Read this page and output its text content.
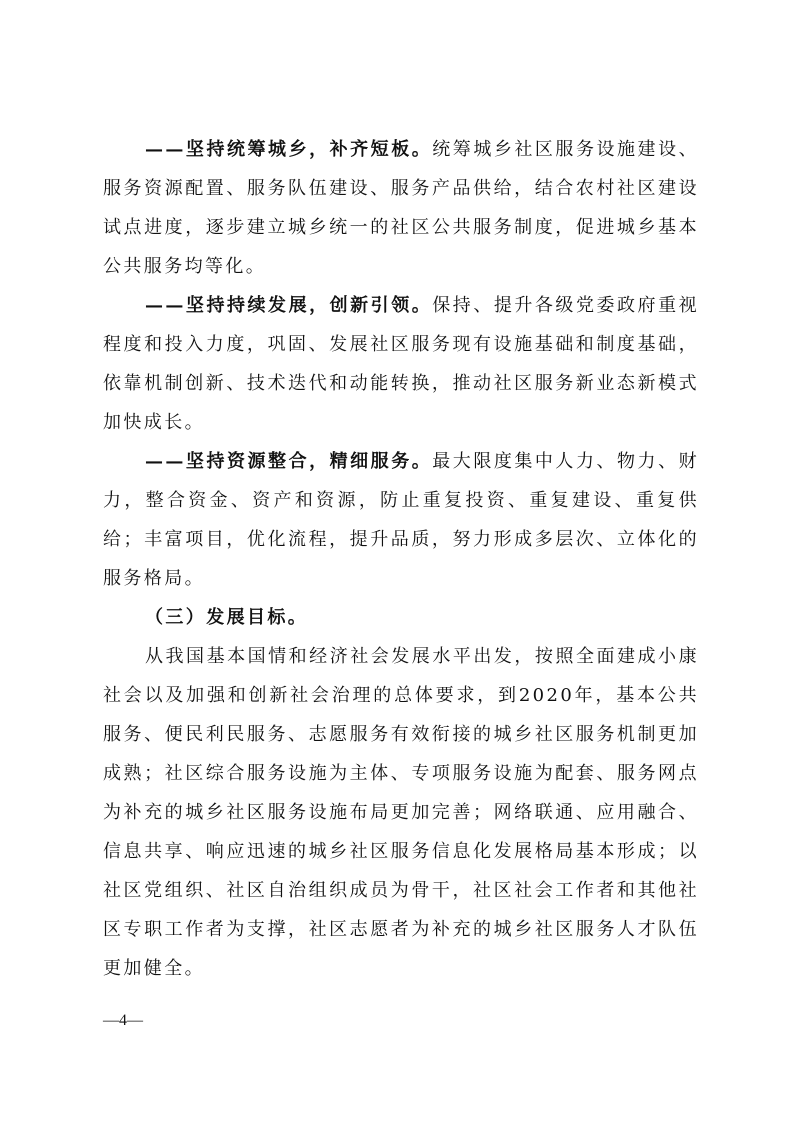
——坚持统筹城乡，补齐短板。统筹城乡社区服务设施建设、服务资源配置、服务队伍建设、服务产品供给，结合农村社区建设试点进度，逐步建立城乡统一的社区公共服务制度，促进城乡基本公共服务均等化。

——坚持持续发展，创新引领。保持、提升各级党委政府重视程度和投入力度，巩固、发展社区服务现有设施基础和制度基础，依靠机制创新、技术迭代和动能转换，推动社区服务新业态新模式加快成长。

——坚持资源整合，精细服务。最大限度集中人力、物力、财力，整合资金、资产和资源，防止重复投资、重复建设、重复供给；丰富项目，优化流程，提升品质，努力形成多层次、立体化的服务格局。

（三）发展目标。

从我国基本国情和经济社会发展水平出发，按照全面建成小康社会以及加强和创新社会治理的总体要求，到2020年，基本公共服务、便民利民服务、志愿服务有效衔接的城乡社区服务机制更加成熟；社区综合服务设施为主体、专项服务设施为配套、服务网点为补充的城乡社区服务设施布局更加完善；网络联通、应用融合、信息共享、响应迅速的城乡社区服务信息化发展格局基本形成；以社区党组织、社区自治组织成员为骨干，社区社会工作者和其他社区专职工作者为支撑，社区志愿者为补充的城乡社区服务人才队伍更加健全。

—4—
